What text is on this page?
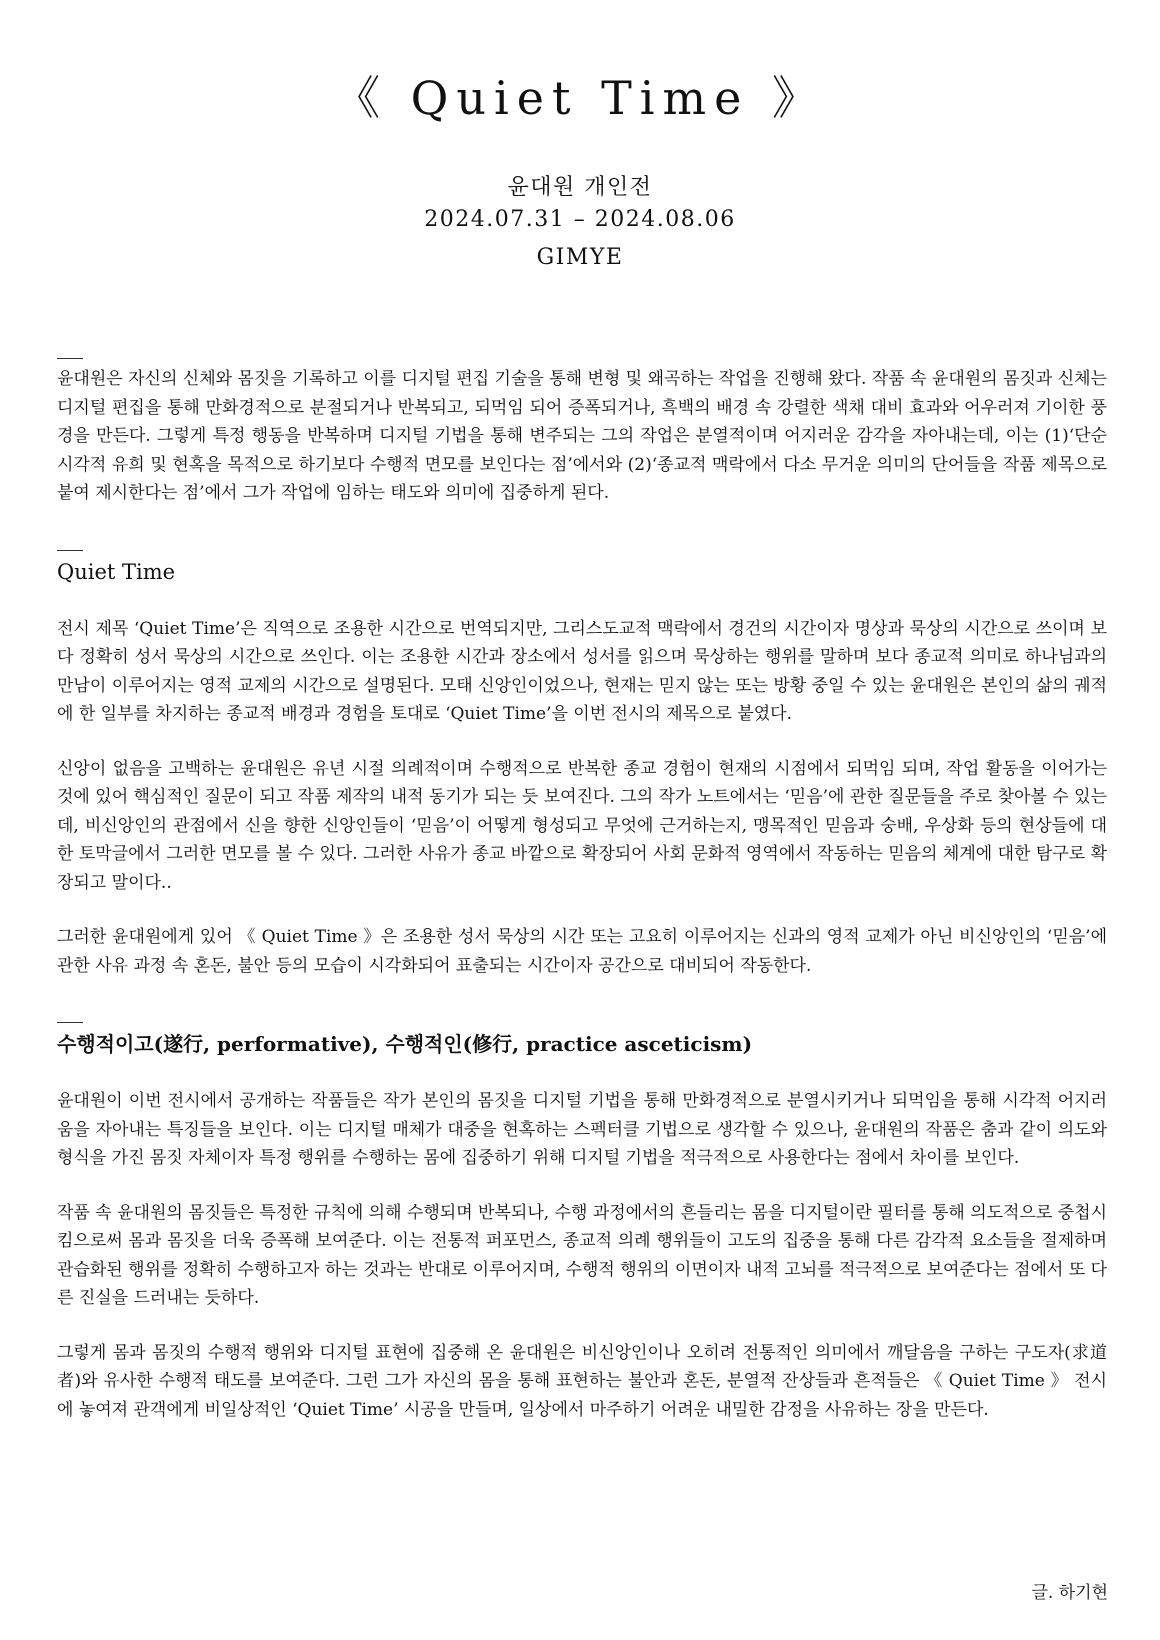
《 Quiet Time 》
윤대원 개인전
2024.07.31 – 2024.08.06
GIMYE

윤대원은 자신의 신체와 몸짓을 기록하고 이를 디지털 편집 기술을 통해 변형 및 왜곡하는 작업을 진행해 왔다. 작품 속 윤대원의 몸짓과 신체는 디지털 편집을 통해 만화경적으로 분절되거나 반복되고, 되먹임 되어 증폭되거나, 흑백의 배경 속 강렬한 색채 대비 효과와 어우러져 기이한 풍경을 만든다. 그렇게 특정 행동을 반복하며 디지털 기법을 통해 변주되는 그의 작업은 분열적이며 어지러운 감각을 자아내는데, 이는 (1)‘단순 시각적 유희 및 현혹을 목적으로 하기보다 수행적 면모를 보인다는 점’에서와 (2)‘종교적 맥락에서 다소 무거운 의미의 단어들을 작품 제목으로 붙여 제시한다는 점’에서 그가 작업에 임하는 태도와 의미에 집중하게 된다.

Quiet Time

전시 제목 ‘Quiet Time’은 직역으로 조용한 시간으로 번역되지만, 그리스도교적 맥락에서 경건의 시간이자 명상과 묵상의 시간으로 쓰이며 보다 정확히 성서 묵상의 시간으로 쓰인다. 이는 조용한 시간과 장소에서 성서를 읽으며 묵상하는 행위를 말하며 보다 종교적 의미로 하나님과의 만남이 이루어지는 영적 교제의 시간으로 설명된다. 모태 신앙인이었으나, 현재는 믿지 않는 또는 방황 중일 수 있는 윤대원은 본인의 삶의 궤적에 한 일부를 차지하는 종교적 배경과 경험을 토대로 ‘Quiet Time’을 이번 전시의 제목으로 붙였다.

신앙이 없음을 고백하는 윤대원은 유년 시절 의례적이며 수행적으로 반복한 종교 경험이 현재의 시점에서 되먹임 되며, 작업 활동을 이어가는 것에 있어 핵심적인 질문이 되고 작품 제작의 내적 동기가 되는 듯 보여진다. 그의 작가 노트에서는 ‘믿음’에 관한 질문들을 주로 찾아볼 수 있는데, 비신앙인의 관점에서 신을 향한 신앙인들이 ‘믿음’이 어떻게 형성되고 무엇에 근거하는지, 맹목적인 믿음과 숭배, 우상화 등의 현상들에 대한 토막글에서 그러한 면모를 볼 수 있다. 그러한 사유가 종교 바깥으로 확장되어 사회 문화적 영역에서 작동하는 믿음의 체계에 대한 탐구로 확장되고 말이다..

그러한 윤대원에게 있어 《 Quiet Time 》은 조용한 성서 묵상의 시간 또는 고요히 이루어지는 신과의 영적 교제가 아닌 비신앙인의 ‘믿음’에 관한 사유 과정 속 혼돈, 불안 등의 모습이 시각화되어 표출되는 시간이자 공간으로 대비되어 작동한다.

수행적이고(遂行, performative), 수행적인(修行, practice asceticism)

윤대원이 이번 전시에서 공개하는 작품들은 작가 본인의 몸짓을 디지털 기법을 통해 만화경적으로 분열시키거나 되먹임을 통해 시각적 어지러움을 자아내는 특징들을 보인다. 이는 디지털 매체가 대중을 현혹하는 스펙터클 기법으로 생각할 수 있으나, 윤대원의 작품은 춤과 같이 의도와 형식을 가진 몸짓 자체이자 특정 행위를 수행하는 몸에 집중하기 위해 디지털 기법을 적극적으로 사용한다는 점에서 차이를 보인다.

작품 속 윤대원의 몸짓들은 특정한 규칙에 의해 수행되며 반복되나, 수행 과정에서의 흔들리는 몸을 디지털이란 필터를 통해 의도적으로 중첩시킴으로써 몸과 몸짓을 더욱 증폭해 보여준다. 이는 전통적 퍼포먼스, 종교적 의례 행위들이 고도의 집중을 통해 다른 감각적 요소들을 절제하며 관습화된 행위를 정확히 수행하고자 하는 것과는 반대로 이루어지며, 수행적 행위의 이면이자 내적 고뇌를 적극적으로 보여준다는 점에서 또 다른 진실을 드러내는 듯하다.

그렇게 몸과 몸짓의 수행적 행위와 디지털 표현에 집중해 온 윤대원은 비신앙인이나 오히려 전통적인 의미에서 깨달음을 구하는 구도자(求道者)와 유사한 수행적 태도를 보여준다. 그런 그가 자신의 몸을 통해 표현하는 불안과 혼돈, 분열적 잔상들과 흔적들은 《 Quiet Time 》 전시에 놓여져 관객에게 비일상적인 ‘Quiet Time’ 시공을 만들며, 일상에서 마주하기 어려운 내밀한 감정을 사유하는 장을 만든다.

글. 하기현
